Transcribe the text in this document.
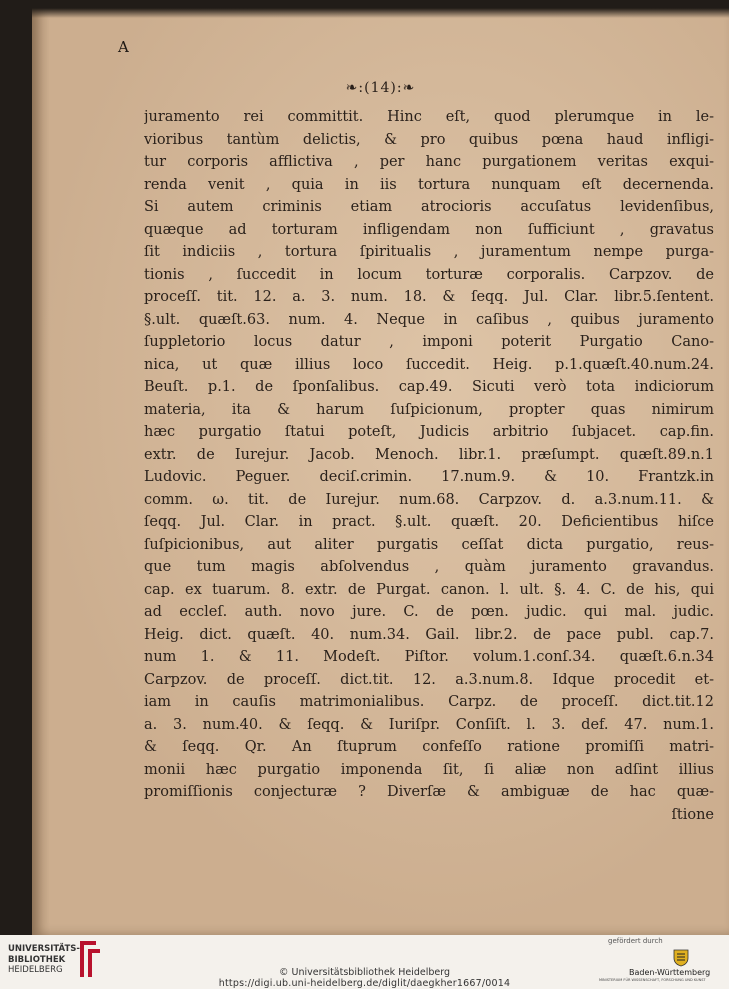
A
❧:(14):❧
juramento rei committit. Hinc eſt, quod plerumque in le-
vioribus tantùm delictis, & pro quibus pœna haud infligi-
tur corporis afflictiva , per hanc purgationem veritas exqui-
renda venit , quia in iis tortura nunquam eſt decernenda.
Si autem criminis etiam atrocioris accuſatus levidenſibus,
quæque ad torturam infligendam non ſufficiunt , gravatus
ſit indiciis , tortura ſpiritualis , juramentum nempe purga-
tionis , ſuccedit in locum torturæ corporalis. Carpzov. de
proceſſ. tit. 12. a. 3. num. 18. & ſeqq. Jul. Clar. libr.5.ſentent.
§.ult. quæſt.63. num. 4. Neque in caſibus , quibus juramento
ſuppletorio locus datur , imponi poterit Purgatio Cano-
nica, ut quæ illius loco ſuccedit. Heig. p.1.quæſt.40.num.24.
Beuſt. p.1. de ſponſalibus. cap.49. Sicuti verò tota indiciorum
materia, ita & harum ſuſpicionum, propter quas nimirum
hæc purgatio ſtatui poteſt, Judicis arbitrio ſubjacet. cap.fin.
extr. de Iurejur. Jacob. Menoch. libr.1. præſumpt. quæſt.89.n.1
Ludovic. Peguer. deciſ.crimin. 17.num.9. & 10. Frantzk.in
comm. ω. tit. de Iurejur. num.68. Carpzov. d. a.3.num.11. &
ſeqq. Jul. Clar. in pract. §.ult. quæſt. 20. Deficientibus hiſce
ſuſpicionibus, aut aliter purgatis ceſſat dicta purgatio, reus-
que tum magis abſolvendus , quàm juramento gravandus.
cap. ex tuarum. 8. extr. de Purgat. canon. l. ult. §. 4. C. de his, qui
ad eccleſ. auth. novo jure. C. de pœn. judic. qui mal. judic.
Heig. dict. quæſt. 40. num.34. Gail. libr.2. de pace publ. cap.7.
num 1. & 11. Modeſt. Piſtor. volum.1.conſ.34. quæſt.6.n.34
Carpzov. de proceſſ. dict.tit. 12. a.3.num.8. Idque procedit et-
iam in cauſis matrimonialibus. Carpz. de proceſſ. dict.tit.12
a. 3. num.40. & ſeqq. & Iuriſpr. Conſiſt. l. 3. def. 47. num.1.
& ſeqq. Qr. An ſtuprum confeſſo ratione promiſſi matri-
monii hæc purgatio imponenda ſit, ſi aliæ non adſint illius
promiſſionis conjecturæ ? Diverſæ & ambiguæ de hac quæ-
ſtione
UNIVERSITÄTS-
BIBLIOTHEK
HEIDELBERG	© Universitätsbibliothek Heidelberg
https://digi.ub.uni-heidelberg.de/diglit/daegkher1667/0014
gefördert durch
Baden-Württemberg
MINISTERIUM FÜR WISSENSCHAFT, FORSCHUNG UND KUNST
